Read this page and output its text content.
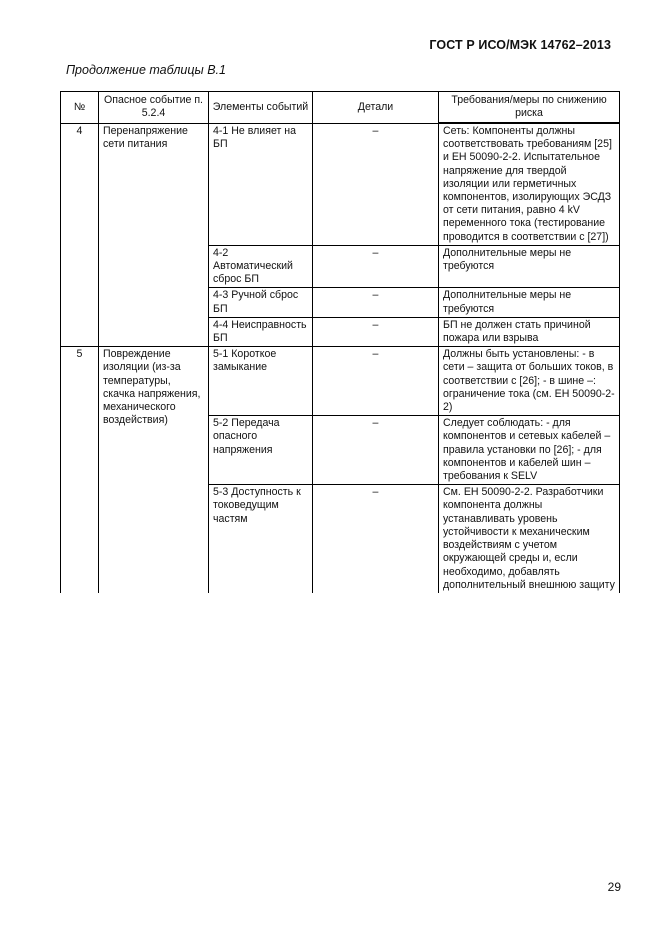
ГОСТ Р ИСО/МЭК 14762–2013
Продолжение таблицы В.1
№	Опасное событие п. 5.2.4	Элементы событий	Детали	Требования/меры по снижению риска
4	Перенапряжение сети питания	4-1 Не влияет на БП	–	Сеть: Компоненты должны соответствовать требованиям [25] и ЕН 50090-2-2. Испытательное напряжение для твердой изоляции или герметичных компонентов, изолирующих ЭСДЗ от сети питания, равно 4 kV переменного тока (тестирование проводится в соответствии с [27])
		4-2 Автоматический сброс БП	–	Дополнительные меры не требуются
		4-3 Ручной сброс БП	–	Дополнительные меры не требуются
		4-4 Неисправность БП	–	БП не должен стать причиной пожара или взрыва
5	Повреждение изоляции (из-за температуры, скачка напряжения, механического воздействия)	5-1 Короткое замыкание	–	Должны быть установлены: - в сети – защита от больших токов, в соответствии с [26]; - в шине –: ограничение тока (см. ЕН 50090-2-2)
		5-2 Передача опасного напряжения	–	Следует соблюдать: - для компонентов и сетевых кабелей – правила установки по [26]; - для компонентов и кабелей шин – требования к SELV
		5-3 Доступность к токоведущим частям	–	См. ЕН 50090-2-2. Разработчики компонента должны устанавливать уровень устойчивости к механическим воздействиям с учетом окружающей среды и, если необходимо, добавлять дополнительный внешнюю защиту
29
